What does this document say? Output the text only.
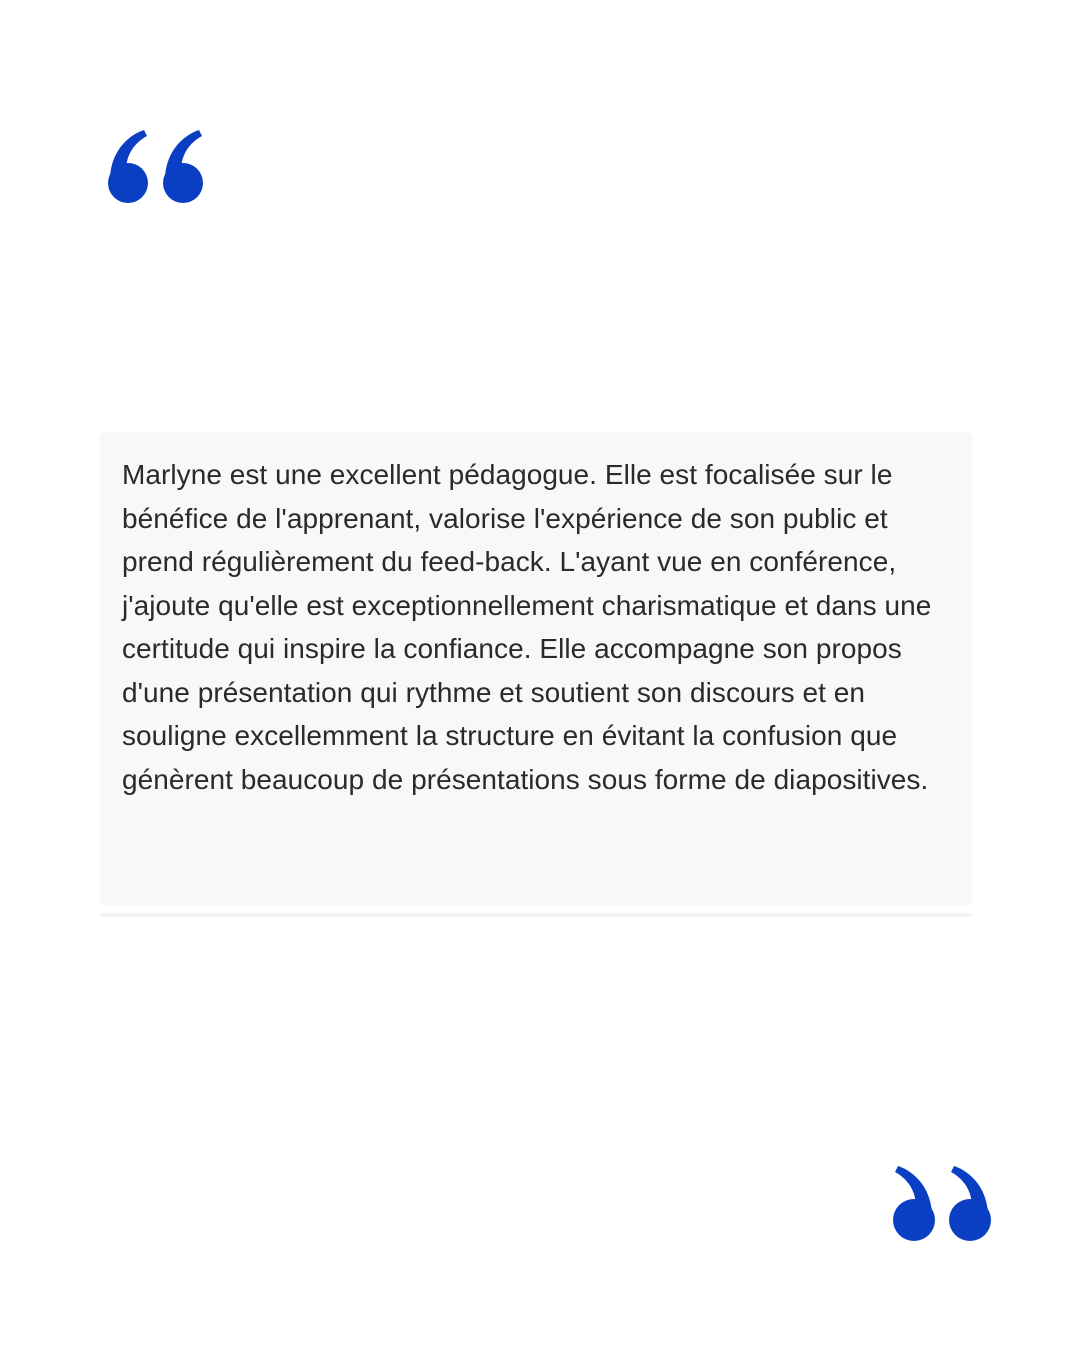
Marlyne est une excellent pédagogue. Elle est focalisée sur le bénéfice de l'apprenant, valorise l'expérience de son public et prend régulièrement du feed-back. L'ayant vue en conférence, j'ajoute qu'elle est exceptionnellement charismatique et dans une certitude qui inspire la confiance. Elle accompagne son propos d'une présentation qui rythme et soutient son discours et en souligne excellemment la structure en évitant la confusion que génèrent beaucoup de présentations sous forme de diapositives.
